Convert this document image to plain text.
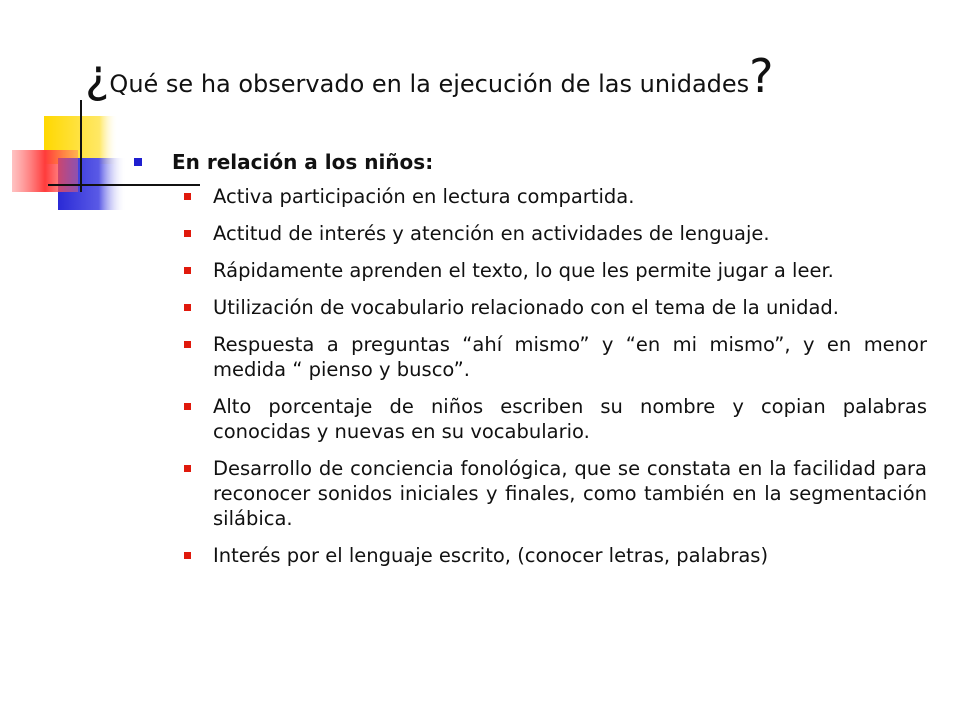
¿Qué se ha observado en la ejecución de las unidades?
En relación a los niños:
Activa participación en lectura compartida.
Actitud de interés y atención en actividades de lenguaje.
Rápidamente aprenden el texto, lo que les permite jugar a leer.
Utilización de vocabulario relacionado con el tema de la unidad.
Respuesta a preguntas “ahí mismo” y “en mi mismo”, y en menor medida “ pienso y busco”.
Alto porcentaje de niños escriben su nombre y copian palabras conocidas y nuevas en su vocabulario.
Desarrollo de conciencia fonológica, que se constata en la facilidad para reconocer sonidos iniciales y finales, como también en la segmentación silábica.
Interés por el lenguaje escrito, (conocer letras, palabras)
